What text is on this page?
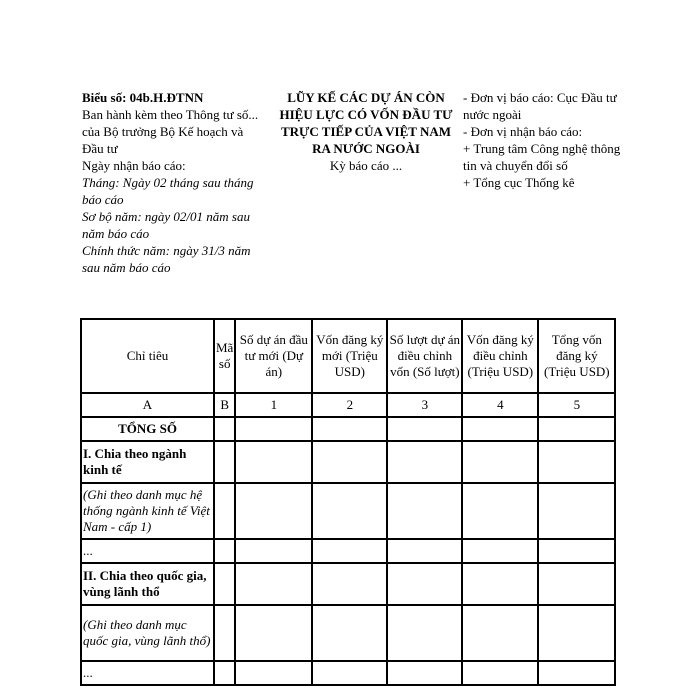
Biểu số: 04b.H.ĐTNN
Ban hành kèm theo Thông tư số... của Bộ trưởng Bộ Kế hoạch và Đầu tư
Ngày nhận báo cáo:
Tháng: Ngày 02 tháng sau tháng báo cáo
Sơ bộ năm: ngày 02/01 năm sau năm báo cáo
Chính thức năm: ngày 31/3 năm sau năm báo cáo
LŨY KẾ CÁC DỰ ÁN CÒN HIỆU LỰC CÓ VỐN ĐẦU TƯ TRỰC TIẾP CỦA VIỆT NAM RA NƯỚC NGOÀI
Kỳ báo cáo ...
- Đơn vị báo cáo: Cục Đầu tư nước ngoài
- Đơn vị nhận báo cáo:
+ Trung tâm Công nghệ thông tin và chuyển đổi số
+ Tổng cục Thống kê
Chỉ tiêu	Mã số	Số dự án đầu tư mới (Dự án)	Vốn đăng ký mới (Triệu USD)	Số lượt dự án điều chỉnh vốn (Số lượt)	Vốn đăng ký điều chỉnh (Triệu USD)	Tổng vốn đăng ký (Triệu USD)
A	B	1	2	3	4	5
TỔNG SỐ						
I. Chia theo ngành kinh tế						
(Ghi theo danh mục hệ thống ngành kinh tế Việt Nam - cấp 1)						
...						
II. Chia theo quốc gia, vùng lãnh thổ						
(Ghi theo danh mục quốc gia, vùng lãnh thổ)						
...						
